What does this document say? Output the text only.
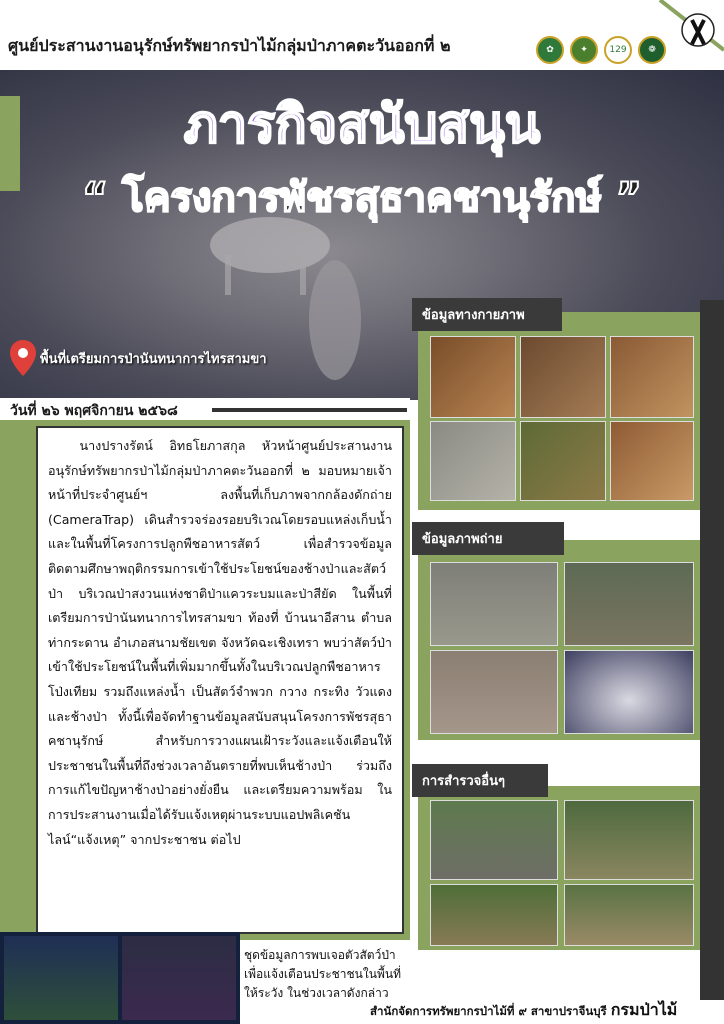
ศูนย์ประสานงานอนุรักษ์ทรัพยากรป่าไม้กลุ่มป่าภาคตะวันออกที่ ๒	✿	✦	129	❁
ภารกิจสนับสนุน
“ โครงการพัชรสุธาคชานุรักษ์ ”
พื้นที่เตรียมการป่านันทนาการไทรสามขา
วันที่ ๒๖ พฤศจิกายน ๒๕๖๘

นางปรางรัตน์ อิทธโยภาสกุล หัวหน้าศูนย์ประสานงานอนุรักษ์ทรัพยากรป่าไม้กลุ่มป่าภาคตะวันออกที่ ๒ มอบหมายเจ้าหน้าที่ประจำศูนย์ฯ ลงพื้นที่เก็บภาพจากกล้องดักถ่าย (CameraTrap) เดินสำรวจร่องรอยบริเวณโดยรอบแหล่งเก็บน้ำและในพื้นที่โครงการปลูกพืชอาหารสัตว์ เพื่อสำรวจข้อมูลติดตามศึกษาพฤติกรรมการเข้าใช้ประโยชน์ของช้างป่าและสัตว์ป่า บริเวณป่าสงวนแห่งชาติป่าแควระบมและป่าสียัด ในพื้นที่เตรียมการป่านันทนาการไทรสามขา ท้องที่ บ้านนาอีสาน ตำบลท่ากระดาน อำเภอสนามชัยเขต จังหวัดฉะเชิงเทรา พบว่าสัตว์ป่าเข้าใช้ประโยชน์ในพื้นที่เพิ่มมากขึ้นทั้งในบริเวณปลูกพืชอาหารโป่งเทียม รวมถึงแหล่งน้ำ เป็นสัตว์จำพวก กวาง กระทิง วัวแดง และช้างป่า ทั้งนี้เพื่อจัดทำฐานข้อมูลสนับสนุนโครงการพัชรสุธาคชานุรักษ์ สำหรับการวางแผนเฝ้าระวังและแจ้งเตือนให้ประชาชนในพื้นที่ถึงช่วงเวลาอันตรายที่พบเห็นช้างป่า ร่วมถึงการแก้ไขปัญหาช้างป่าอย่างยั่งยืน และเตรียมความพร้อม ในการประสานงานเมื่อได้รับแจ้งเหตุผ่านระบบแอปพลิเคชันไลน์“แจ้งเหตุ” จากประชาชน ต่อไป

ข้อมูลทางกายภาพ
ข้อมูลภาพถ่าย
การสำรวจอื่นๆ
ชุดข้อมูลการพบเจอตัวสัตว์ป่า
เพื่อแจ้งเตือนประชาชนในพื้นที่
ให้ระวัง ในช่วงเวลาดังกล่าว
สำนักจัดการทรัพยากรป่าไม้ที่ ๙ สาขาปราจีนบุรี กรมป่าไม้
